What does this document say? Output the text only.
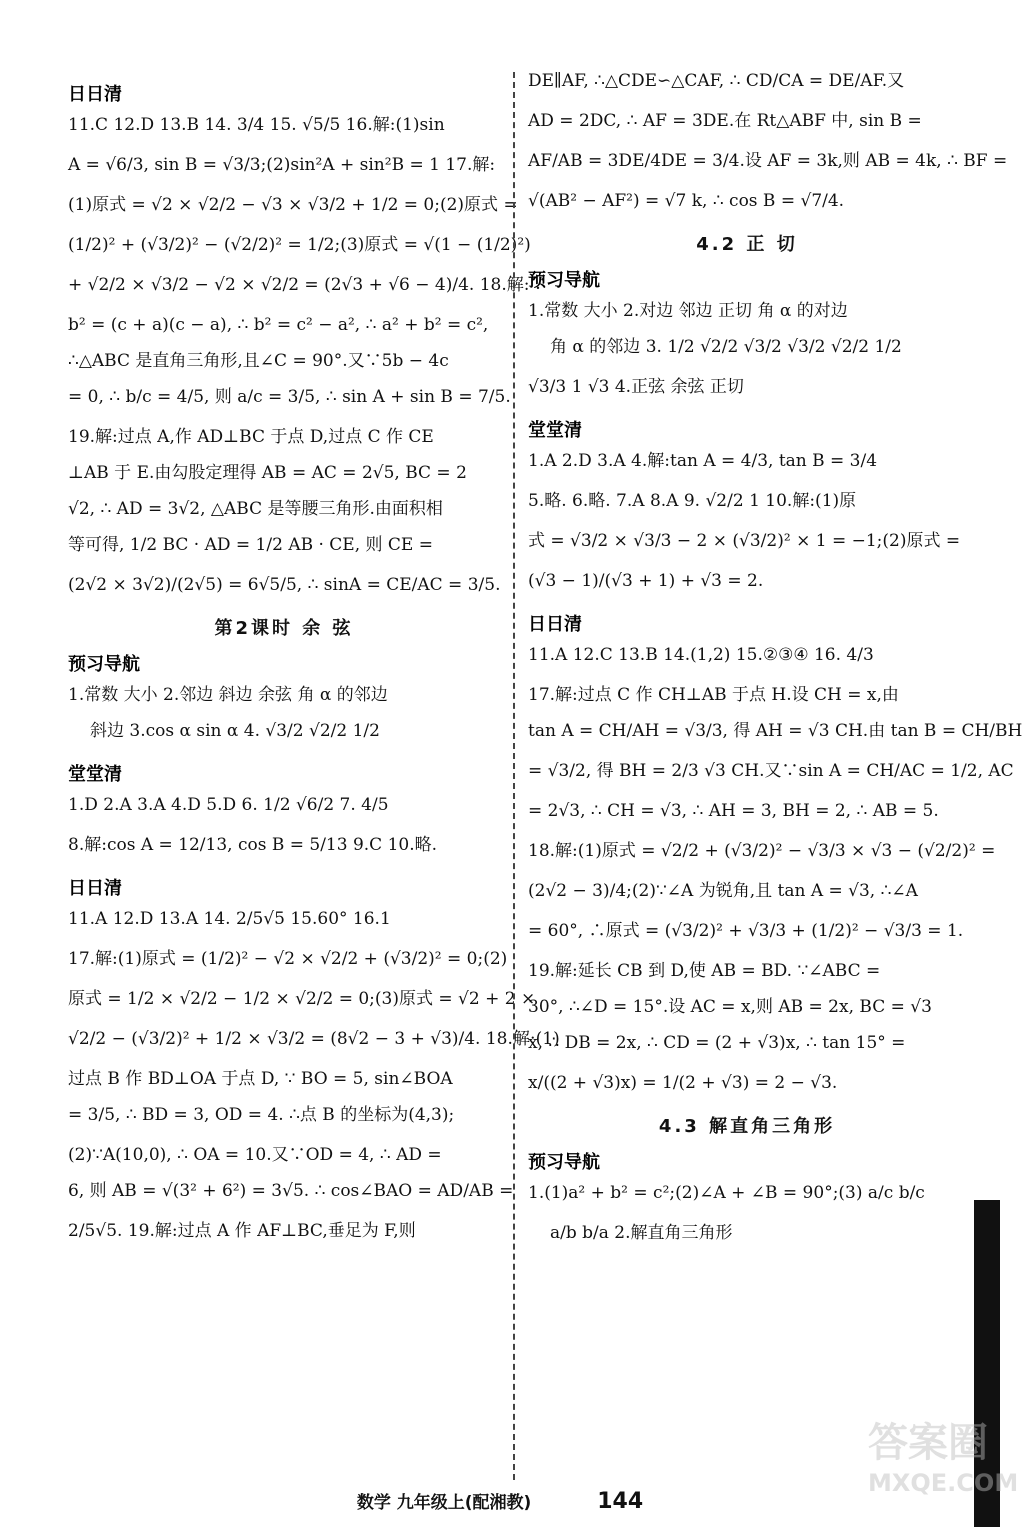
日日清
11.C 12.D 13.B 14. 3/4 15. √5/5 16.解:(1)sin
A = √6/3, sin B = √3/3;(2)sin²A + sin²B = 1 17.解:
(1)原式 = √2 × √2/2 − √3 × √3/2 + 1/2 = 0;(2)原式 =
(1/2)² + (√3/2)² − (√2/2)² = 1/2;(3)原式 = √(1 − (1/2)²)
+ √2/2 × √3/2 − √2 × √2/2 = (2√3 + √6 − 4)/4. 18.解:∵
b² = (c + a)(c − a), ∴ b² = c² − a², ∴ a² + b² = c²,
∴△ABC 是直角三角形,且∠C = 90°.又∵5b − 4c
= 0, ∴ b/c = 4/5, 则 a/c = 3/5, ∴ sin A + sin B = 7/5.
19.解:过点 A,作 AD⊥BC 于点 D,过点 C 作 CE
⊥AB 于 E.由勾股定理得 AB = AC = 2√5, BC = 2
√2, ∴ AD = 3√2, △ABC 是等腰三角形.由面积相
等可得, 1/2 BC · AD = 1/2 AB · CE, 则 CE =
(2√2 × 3√2)/(2√5) = 6√5/5, ∴ sinA = CE/AC = 3/5.
第2课时 余 弦
预习导航
1.常数 大小 2.邻边 斜边 余弦 角 α 的邻边
斜边 3.cos α sin α 4. √3/2 √2/2 1/2
堂堂清
1.D 2.A 3.A 4.D 5.D 6. 1/2 √6/2 7. 4/5
8.解:cos A = 12/13, cos B = 5/13 9.C 10.略.
日日清
11.A 12.D 13.A 14. 2/5√5 15.60° 16.1
17.解:(1)原式 = (1/2)² − √2 × √2/2 + (√3/2)² = 0;(2)
原式 = 1/2 × √2/2 − 1/2 × √2/2 = 0;(3)原式 = √2 + 2 ×
√2/2 − (√3/2)² + 1/2 × √3/2 = (8√2 − 3 + √3)/4. 18.解:(1)
过点 B 作 BD⊥OA 于点 D, ∵ BO = 5, sin∠BOA
= 3/5, ∴ BD = 3, OD = 4. ∴点 B 的坐标为(4,3);
(2)∵A(10,0), ∴ OA = 10.又∵OD = 4, ∴ AD =
6, 则 AB = √(3² + 6²) = 3√5. ∴ cos∠BAO = AD/AB =
2/5√5. 19.解:过点 A 作 AF⊥BC,垂足为 F,则
DE∥AF, ∴△CDE∽△CAF, ∴ CD/CA = DE/AF.又
AD = 2DC, ∴ AF = 3DE.在 Rt△ABF 中, sin B =
AF/AB = 3DE/4DE = 3/4.设 AF = 3k,则 AB = 4k, ∴ BF =
√(AB² − AF²) = √7 k, ∴ cos B = √7/4.
4.2 正 切
预习导航
1.常数 大小 2.对边 邻边 正切 角 α 的对边
角 α 的邻边 3. 1/2 √2/2 √3/2 √3/2 √2/2 1/2
√3/3 1 √3 4.正弦 余弦 正切
堂堂清
1.A 2.D 3.A 4.解:tan A = 4/3, tan B = 3/4
5.略. 6.略. 7.A 8.A 9. √2/2 1 10.解:(1)原
式 = √3/2 × √3/3 − 2 × (√3/2)² × 1 = −1;(2)原式 =
(√3 − 1)/(√3 + 1) + √3 = 2.
日日清
11.A 12.C 13.B 14.(1,2) 15.②③④ 16. 4/3
17.解:过点 C 作 CH⊥AB 于点 H.设 CH = x,由
tan A = CH/AH = √3/3, 得 AH = √3 CH.由 tan B = CH/BH
= √3/2, 得 BH = 2/3 √3 CH.又∵sin A = CH/AC = 1/2, AC
= 2√3, ∴ CH = √3, ∴ AH = 3, BH = 2, ∴ AB = 5.
18.解:(1)原式 = √2/2 + (√3/2)² − √3/3 × √3 − (√2/2)² =
(2√2 − 3)/4;(2)∵∠A 为锐角,且 tan A = √3, ∴∠A
= 60°, ∴原式 = (√3/2)² + √3/3 + (1/2)² − √3/3 = 1.
19.解:延长 CB 到 D,使 AB = BD. ∵∠ABC =
30°, ∴∠D = 15°.设 AC = x,则 AB = 2x, BC = √3
x, ∴ DB = 2x, ∴ CD = (2 + √3)x, ∴ tan 15° =
x/((2 + √3)x) = 1/(2 + √3) = 2 − √3.
4.3 解直角三角形
预习导航
1.(1)a² + b² = c²;(2)∠A + ∠B = 90°;(3) a/c b/c
a/b b/a 2.解直角三角形
答案圈
MXQE.COM
数学 九年级上(配湘教)	144
